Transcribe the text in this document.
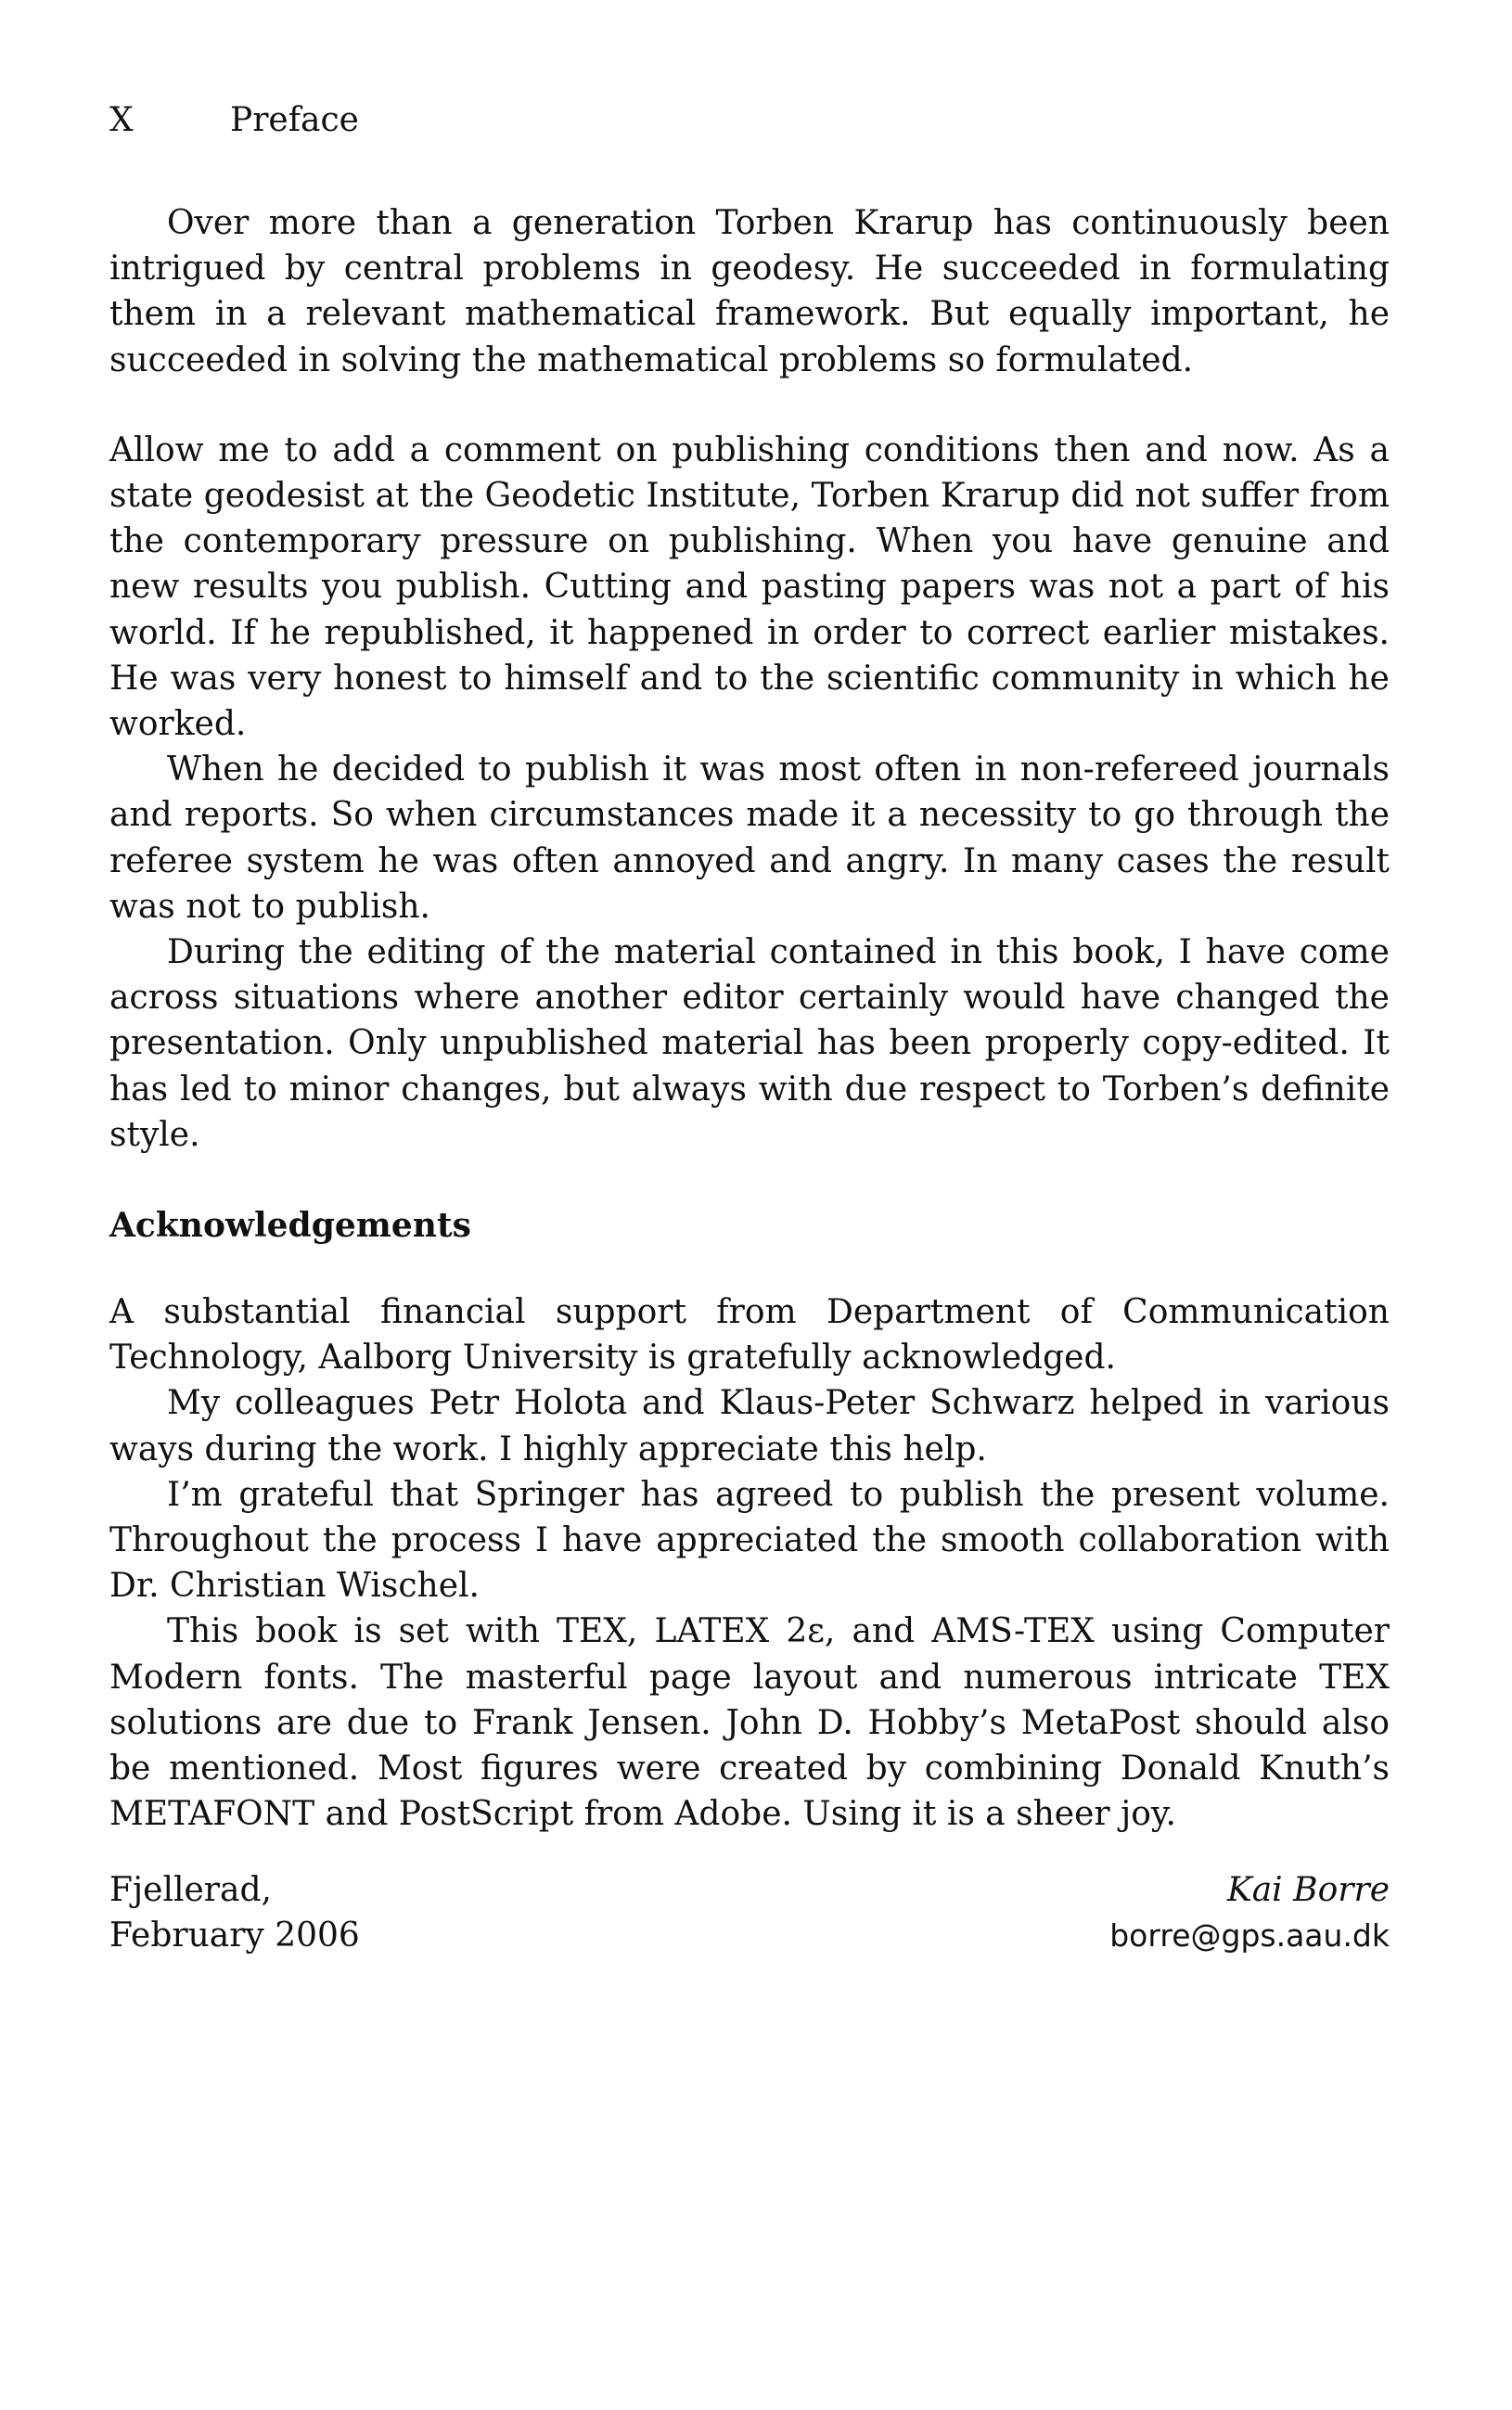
X	Preface

Over more than a generation Torben Krarup has continuously been intrigued by central problems in geodesy. He succeeded in formulating them in a relevant mathematical framework. But equally important, he succeeded in solving the mathematical problems so formulated.

Allow me to add a comment on publishing conditions then and now. As a state geodesist at the Geodetic Institute, Torben Krarup did not suffer from the contemporary pressure on publishing. When you have genuine and new results you publish. Cutting and pasting papers was not a part of his world. If he republished, it happened in order to correct earlier mistakes. He was very honest to himself and to the scientific community in which he worked.

When he decided to publish it was most often in non-refereed journals and reports. So when circumstances made it a necessity to go through the referee system he was often annoyed and angry. In many cases the result was not to publish.

During the editing of the material contained in this book, I have come across situations where another editor certainly would have changed the presentation. Only unpublished material has been properly copy-edited. It has led to minor changes, but always with due respect to Torben’s definite style.

Acknowledgements

A substantial financial support from Department of Communication Technology, Aalborg University is gratefully acknowledged.

My colleagues Petr Holota and Klaus-Peter Schwarz helped in various ways during the work. I highly appreciate this help.

I’m grateful that Springer has agreed to publish the present volume. Throughout the process I have appreciated the smooth collaboration with Dr. Christian Wischel.

This book is set with TEX, LATEX 2ε, and AMS-TEX using Computer Modern fonts. The masterful page layout and numerous intricate TEX solutions are due to Frank Jensen. John D. Hobby’s MetaPost should also be mentioned. Most figures were created by combining Donald Knuth’s METAFONT and PostScript from Adobe. Using it is a sheer joy.

Fjellerad,
February 2006
Kai Borre
borre@gps.aau.dk
